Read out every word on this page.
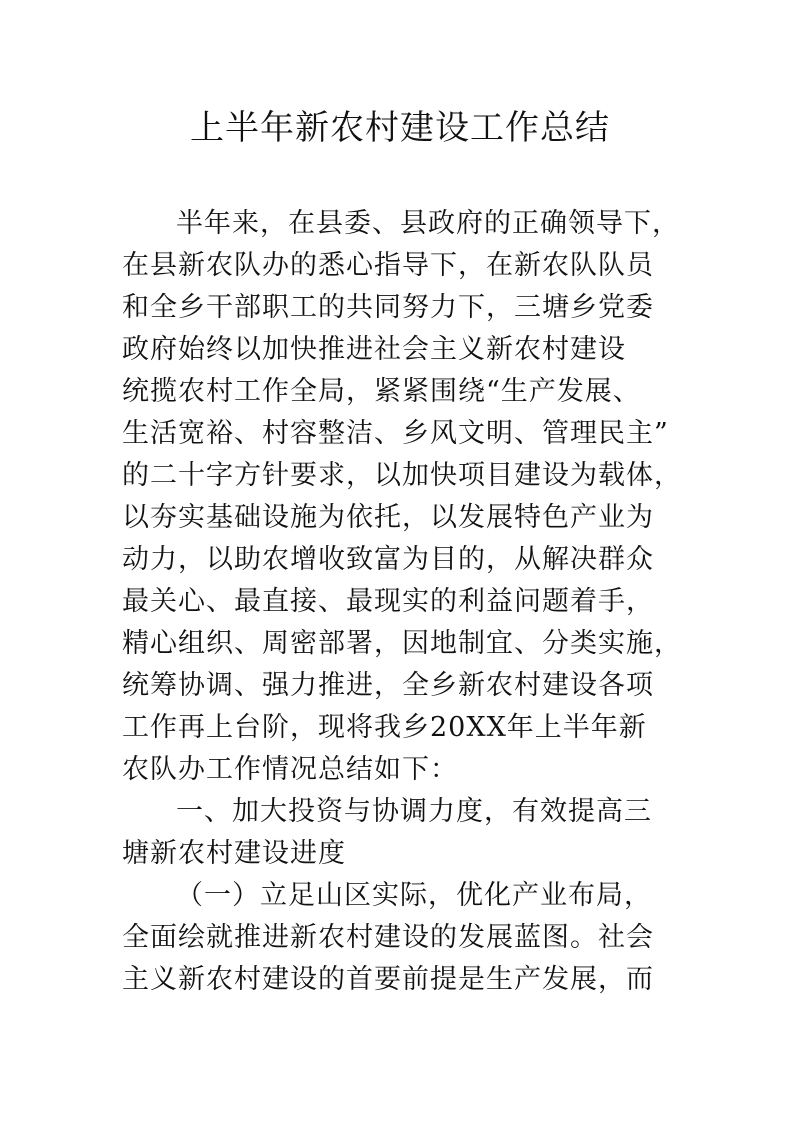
上半年新农村建设工作总结
半年来，在县委、县政府的正确领导下，
在县新农队办的悉心指导下，在新农队队员
和全乡干部职工的共同努力下，三塘乡党委
政府始终以加快推进社会主义新农村建设
统揽农村工作全局，紧紧围绕“生产发展、
生活宽裕、村容整洁、乡风文明、管理民主”
的二十字方针要求，以加快项目建设为载体，
以夯实基础设施为依托，以发展特色产业为
动力，以助农增收致富为目的，从解决群众
最关心、最直接、最现实的利益问题着手，
精心组织、周密部署，因地制宜、分类实施，
统筹协调、强力推进，全乡新农村建设各项
工作再上台阶，现将我乡20XX年上半年新
农队办工作情况总结如下：
一、加大投资与协调力度，有效提高三
塘新农村建设进度
（一）立足山区实际，优化产业布局，
全面绘就推进新农村建设的发展蓝图。社会
主义新农村建设的首要前提是生产发展，而
